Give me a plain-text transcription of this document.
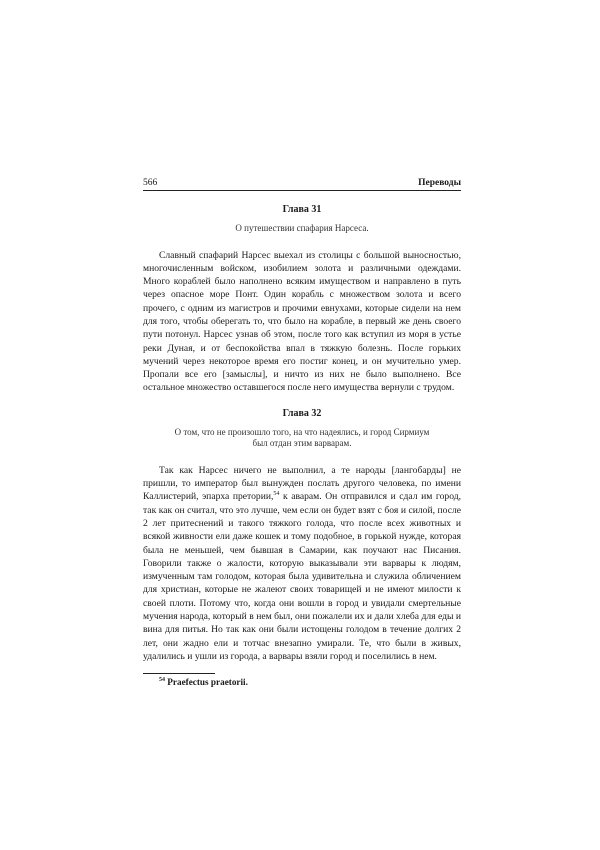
566	Переводы
Глава 31
О путешествии спафария Нарсеса.

Славный спафарий Нарсес выехал из столицы с большой выносностью, многочисленным войском, изобилием золота и различными одеждами. Много кораблей было наполнено всяким имуществом и направлено в путь через опасное море Понт. Один корабль с множеством золота и всего прочего, с одним из магистров и прочими евнухами, которые сидели на нем для того, чтобы оберегать то, что было на корабле, в первый же день своего пути потонул. Нарсес узнав об этом, после того как вступил из моря в устье реки Дуная, и от беспокойства впал в тяжкую болезнь. После горьких мучений через некоторое время его постиг конец, и он мучительно умер. Пропали все его [замыслы], и ничто из них не было выполнено. Все остальное множество оставшегося после него имущества вернули с трудом.

Глава 32
О том, что не произошло того, на что надеялись, и город Сирмиум был отдан этим варварам.

Так как Нарсес ничего не выполнил, а те народы [лангобарды] не пришли, то император был вынужден послать другого человека, по имени Каллистерий, эпарха претории,$^{54}$ к аварам. Он отправился и сдал им город, так как он считал, что это лучше, чем если он будет взят с боя и силой, после 2 лет притеснений и такого тяжкого голода, что после всех животных и всякой живности ели даже кошек и тому подобное, в горькой нужде, которая была не меньшей, чем бывшая в Самарии, как поучают нас Писания. Говорили также о жалости, которую выказывали эти варвары к людям, измученным там голодом, которая была удивительна и служила обличением для христиан, которые не жалеют своих товарищей и не имеют милости к своей плоти. Потому что, когда они вошли в город и увидали смертельные мучения народа, который в нем был, они пожалели их и дали хлеба для еды и вина для питья. Но так как они были истощены голодом в течение долгих 2 лет, они жадно ели и тотчас внезапно умирали. Те, что были в живых, удалились и ушли из города, а варвары взяли город и поселились в нем.

$^{54}$ Praefectus praetorii.
